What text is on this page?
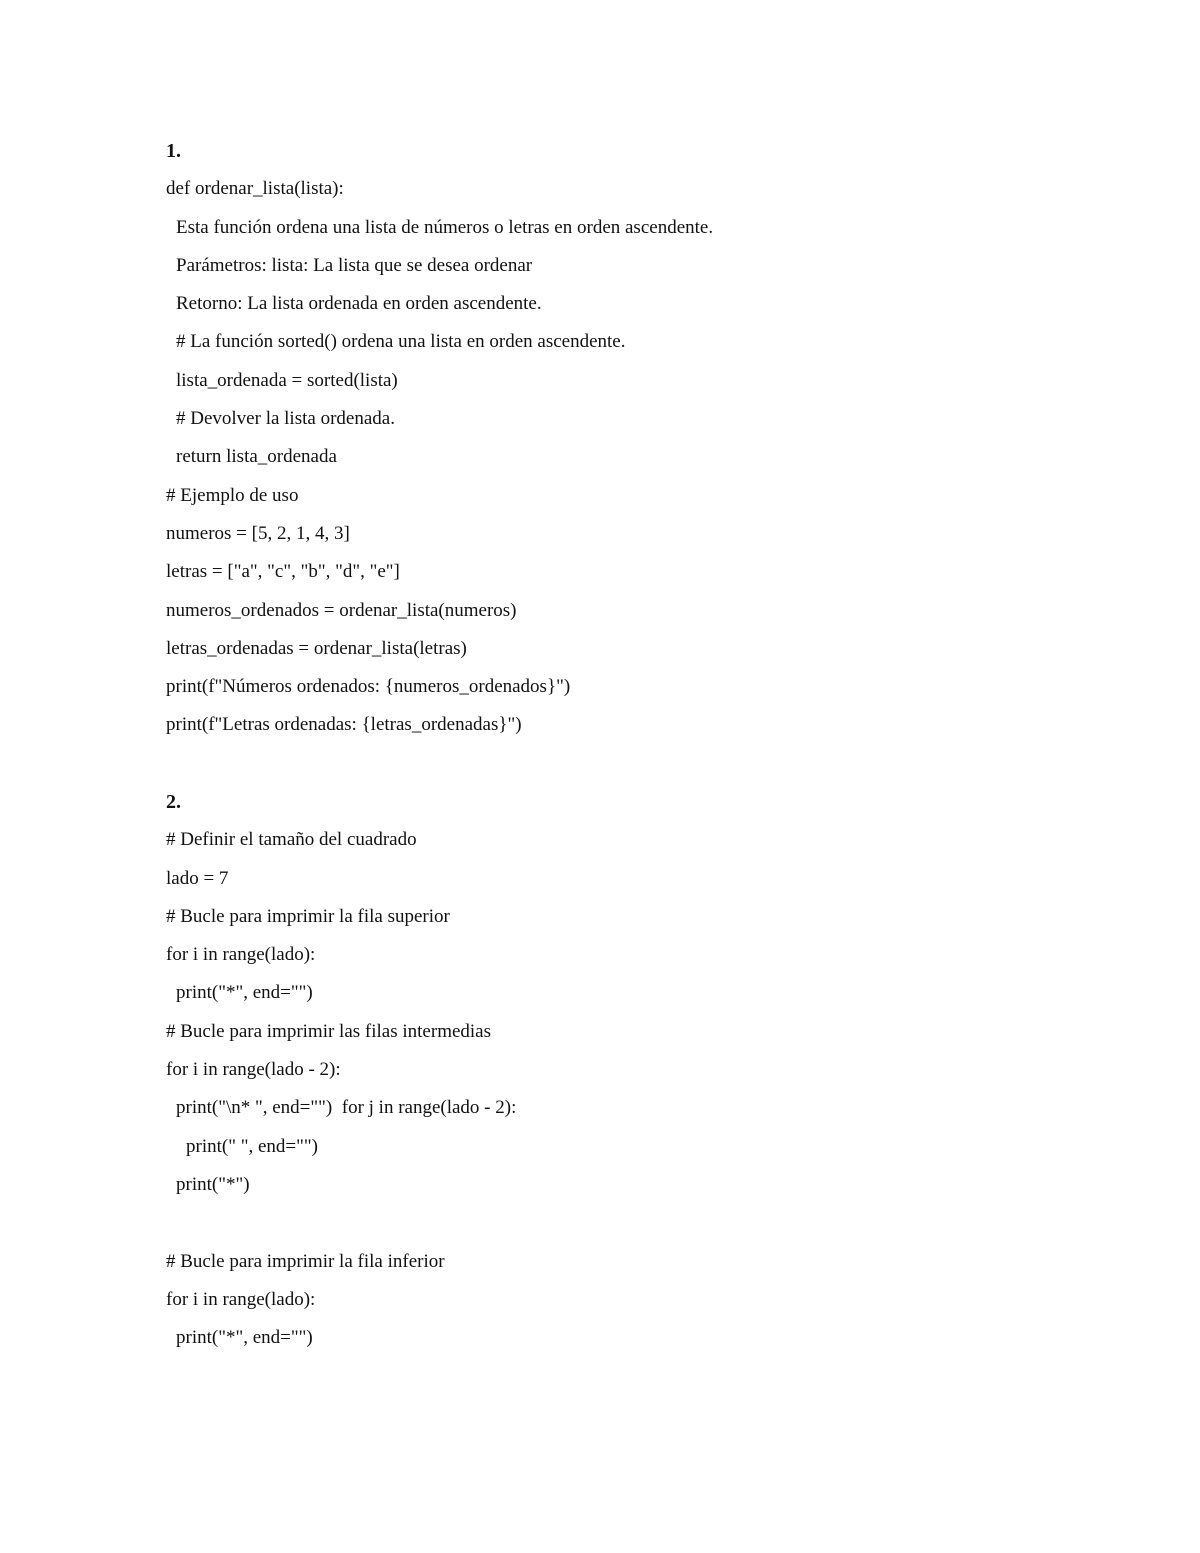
1.
def ordenar_lista(lista):
Esta función ordena una lista de números o letras en orden ascendente.
Parámetros: lista: La lista que se desea ordenar
Retorno: La lista ordenada en orden ascendente.
# La función sorted() ordena una lista en orden ascendente.
lista_ordenada = sorted(lista)
# Devolver la lista ordenada.
return lista_ordenada
# Ejemplo de uso
numeros = [5, 2, 1, 4, 3]
letras = ["a", "c", "b", "d", "e"]
numeros_ordenados = ordenar_lista(numeros)
letras_ordenadas = ordenar_lista(letras)
print(f"Números ordenados: {numeros_ordenados}")
print(f"Letras ordenadas: {letras_ordenadas}")
2.
# Definir el tamaño del cuadrado
lado = 7
# Bucle para imprimir la fila superior
for i in range(lado):
print("*", end="")
# Bucle para imprimir las filas intermedias
for i in range(lado - 2):
print("\n* ", end="")  for j in range(lado - 2):
print(" ", end="")
print("*")
# Bucle para imprimir la fila inferior
for i in range(lado):
print("*", end="")
